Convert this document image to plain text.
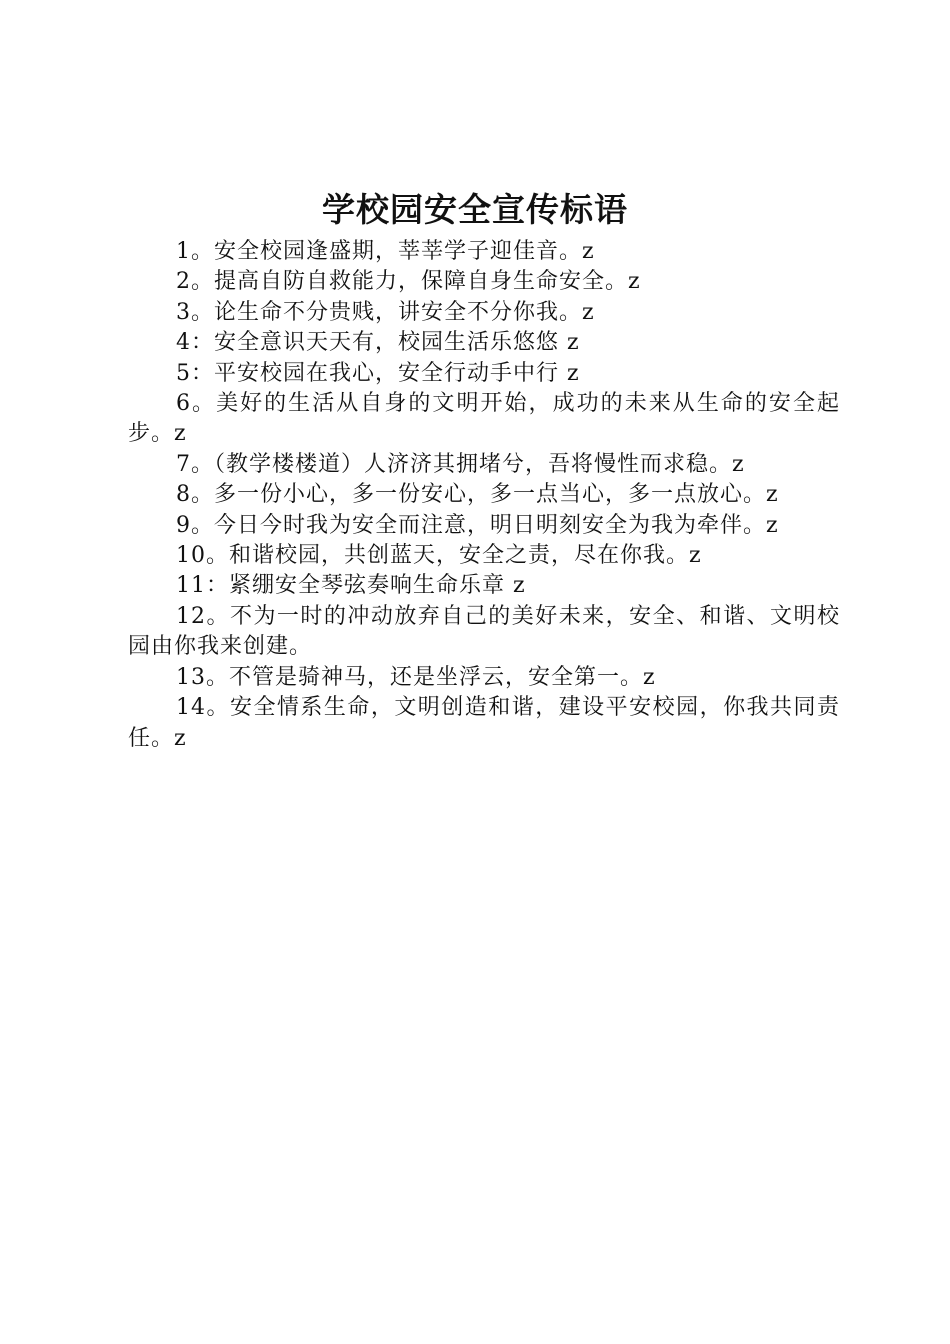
学校园安全宣传标语

1。安全校园逢盛期，莘莘学子迎佳音。z

2。提高自防自救能力，保障自身生命安全。z

3。论生命不分贵贱，讲安全不分你我。z

4：安全意识天天有，校园生活乐悠悠 z

5：平安校园在我心，安全行动手中行 z

6。美好的生活从自身的文明开始，成功的未来从生命的安全起步。z

7。（教学楼楼道）人济济其拥堵兮，吾将慢性而求稳。z

8。多一份小心，多一份安心，多一点当心，多一点放心。z

9。今日今时我为安全而注意，明日明刻安全为我为牵伴。z

10。和谐校园，共创蓝天，安全之责，尽在你我。z

11：紧绷安全琴弦奏响生命乐章 z

12。不为一时的冲动放弃自己的美好未来，安全、和谐、文明校园由你我来创建。

13。不管是骑神马，还是坐浮云，安全第一。z

14。安全情系生命，文明创造和谐，建设平安校园，你我共同责任。z
